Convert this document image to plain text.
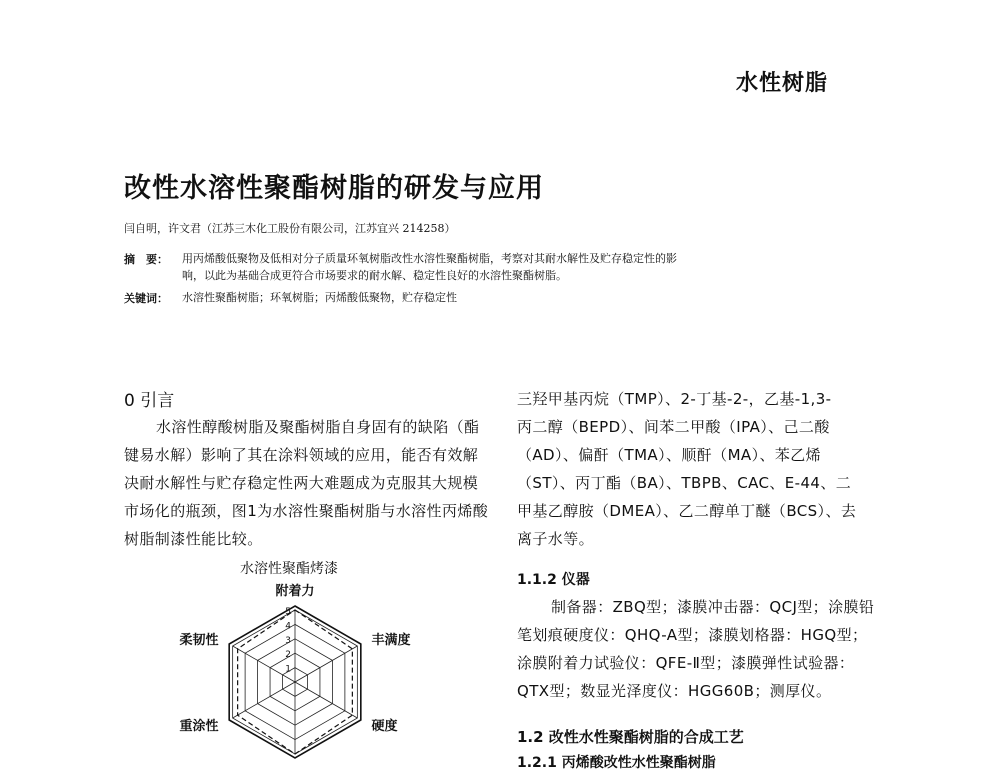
水性树脂
改性水溶性聚酯树脂的研发与应用
闫自明，许文君（江苏三木化工股份有限公司，江苏宜兴 214258）
摘　要： 用丙烯酸低聚物及低相对分子质量环氧树脂改性水溶性聚酯树脂，考察对其耐水解性及贮存稳定性的影
响，以此为基础合成更符合市场要求的耐水解、稳定性良好的水溶性聚酯树脂。
关键词： 水溶性聚酯树脂；环氧树脂；丙烯酸低聚物，贮存稳定性
0 引言
水溶性醇酸树脂及聚酯树脂自身固有的缺陷（酯
键易水解）影响了其在涂料领域的应用，能否有效解
决耐水解性与贮存稳定性两大难题成为克服其大规模
市场化的瓶颈，图1为水溶性聚酯树脂与水溶性丙烯酸
树脂制漆性能比较。
水溶性聚酯烤漆
1
2
3
4
5
附着力
丰满度
硬度
重涂性
柔韧性
三羟甲基丙烷（TMP）、2-丁基-2-，乙基-1,3-
丙二醇（BEPD）、间苯二甲酸（IPA）、己二酸
（AD）、偏酐（TMA）、顺酐（MA）、苯乙烯
（ST）、丙丁酯（BA）、TBPB、CAC、E-44、二
甲基乙醇胺（DMEA）、乙二醇单丁醚（BCS）、去
离子水等。
1.1.2 仪器
制备器：ZBQ型；漆膜冲击器：QCJ型；涂膜铅
笔划痕硬度仪：QHQ-A型；漆膜划格器：HGQ型；
涂膜附着力试验仪：QFE-Ⅱ型；漆膜弹性试验器：
QTX型；数显光泽度仪：HGG60B；测厚仪。
1.2 改性水性聚酯树脂的合成工艺
1.2.1 丙烯酸改性水性聚酯树脂
